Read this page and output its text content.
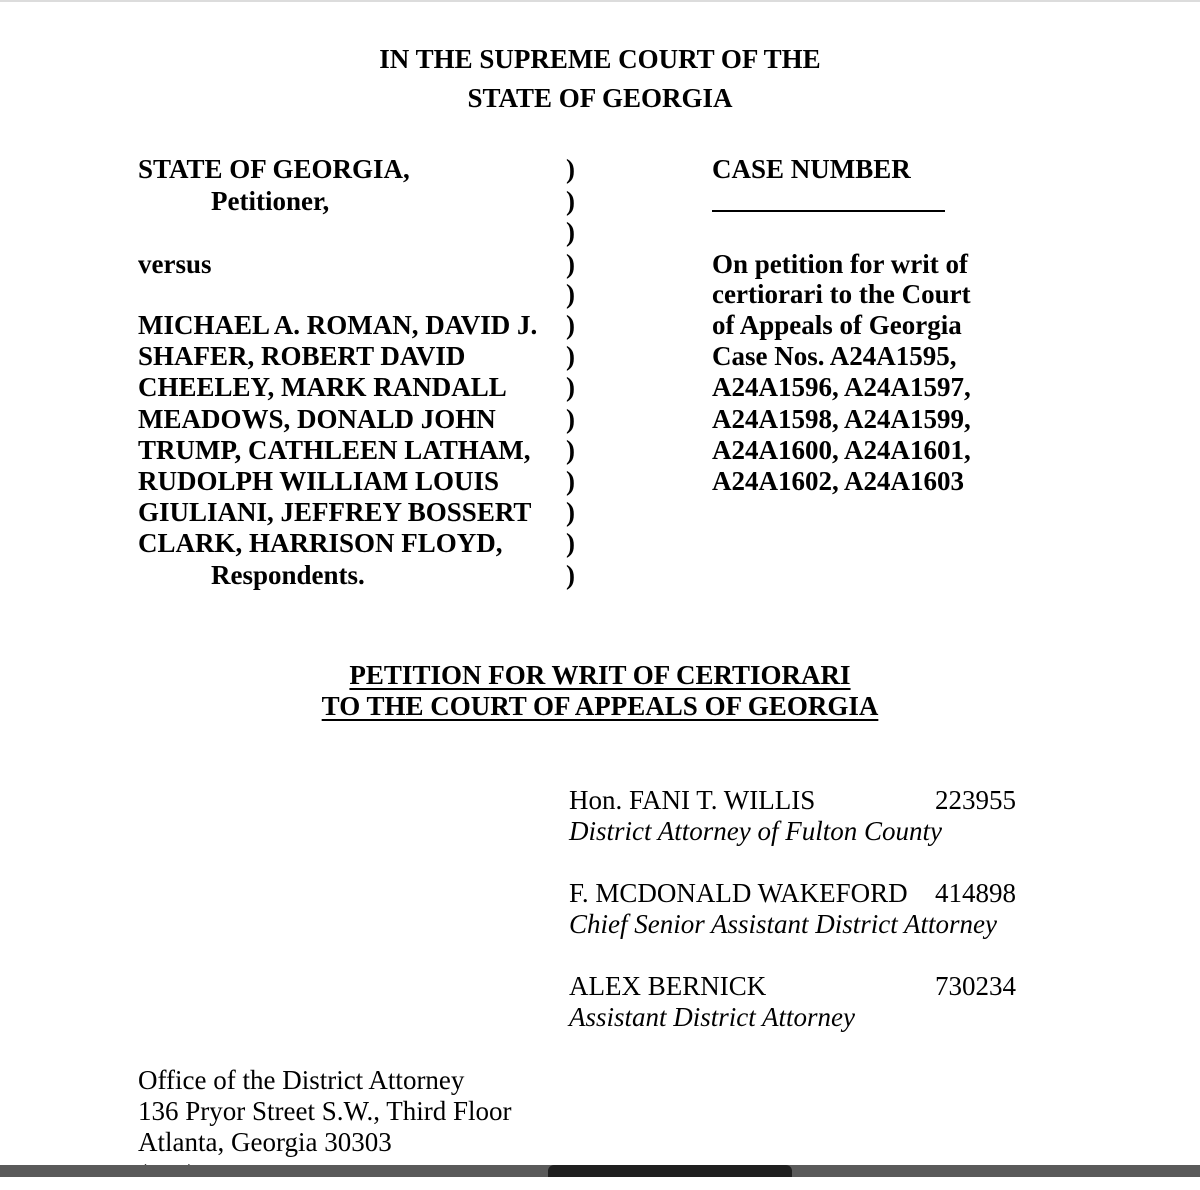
IN THE SUPREME COURT OF THE
STATE OF GEORGIA
STATE OF GEORGIA,
Petitioner,
versus
MICHAEL A. ROMAN, DAVID J.
SHAFER, ROBERT DAVID
CHEELEY, MARK RANDALL
MEADOWS, DONALD JOHN
TRUMP, CATHLEEN LATHAM,
RUDOLPH WILLIAM LOUIS
GIULIANI, JEFFREY BOSSERT
CLARK, HARRISON FLOYD,
Respondents.
)
)
)
)
)
)
)
)
)
)
)
)
)
)
CASE NUMBER
On petition for writ of
certiorari to the Court
of Appeals of Georgia
Case Nos. A24A1595,
A24A1596, A24A1597,
A24A1598, A24A1599,
A24A1600, A24A1601,
A24A1602, A24A1603
PETITION FOR WRIT OF CERTIORARI
TO THE COURT OF APPEALS OF GEORGIA
Hon. FANI T. WILLIS	223955
District Attorney of Fulton County
F. MCDONALD WAKEFORD 414898
Chief Senior Assistant District Attorney
ALEX BERNICK	730234
Assistant District Attorney
Office of the District Attorney
136 Pryor Street S.W., Third Floor
Atlanta, Georgia 30303
